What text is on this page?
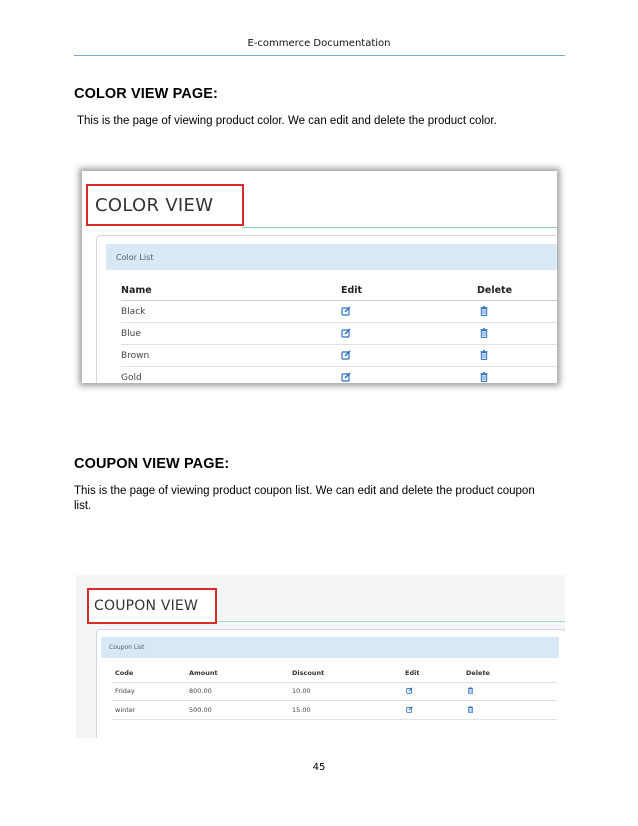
E-commerce Documentation
COLOR VIEW PAGE:
This is the page of viewing product color. We can edit and delete the product color.
COLOR VIEW
Color List
Name	Edit	Delete
Black
Blue
Brown
Gold
COUPON VIEW PAGE:
This is the page of viewing product coupon list. We can edit and delete the product coupon list.
COUPON VIEW
Coupon List
Code	Amount	Discount	Edit	Delete
Friday	800.00	10.00
winter	500.00	15.00
45
